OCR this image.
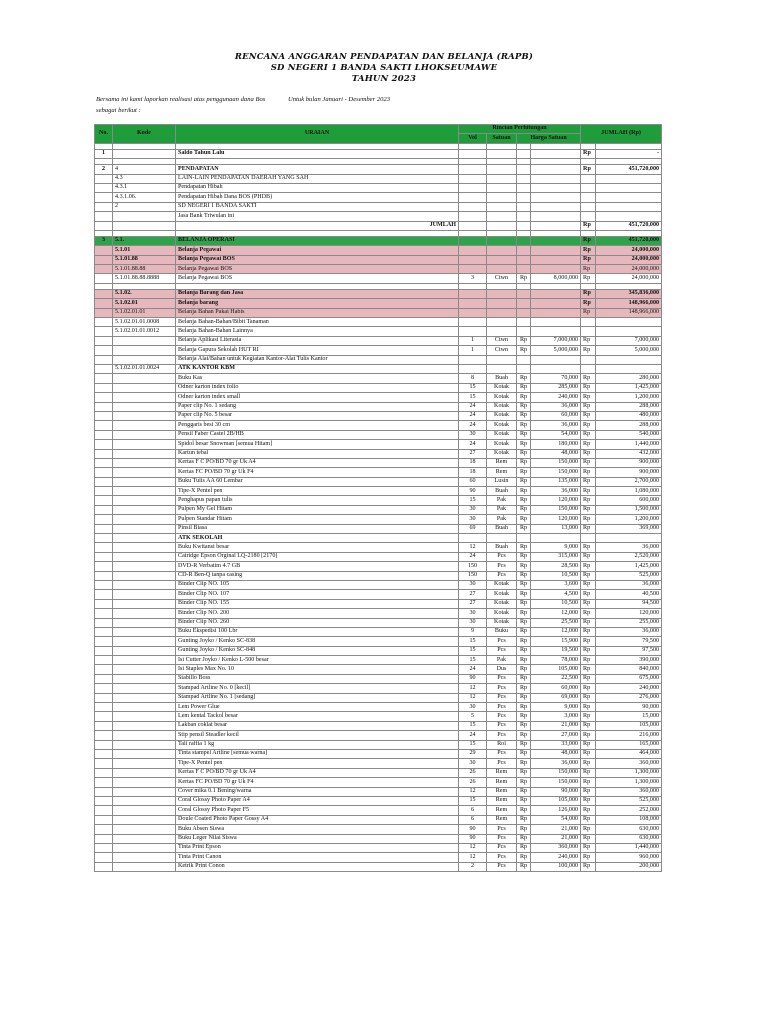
RENCANA ANGGARAN PENDAPATAN DAN BELANJA (RAPB)
SD NEGERI 1 BANDA SAKTI LHOKSEUMAWE
TAHUN 2023
Bersama ini kami laporkan realisasi atas penggunaan dana Bos	Untuk bulan Januari - Desember 2023
sebagai berikut :
No.	Kode	URAIAN	Rincian Perhitungan				JUMLAH (Rp)	
			Vol	Satuan	Harga Satuan			

1		Saldo Tahun Lalu					Rp	-

2	4	PENDAPATAN					Rp	451,720,000
	4.3	LAIN-LAIN PENDAPATAN DAERAH YANG SAH						
	4.3.1	Pendapatan Hibah						
	4.3.1.06.	Pendapatan Hibah Dana BOS (PHDB)						
	2	SD NEGERI 1 BANDA SAKTI						
		Jasa Bank Triwulan ini						
		JUMLAH					Rp	451,720,000

3	5.1.	BELANJA OPERASI					Rp	451,720,000
	5.1.01	Belanja Pegawai					Rp	24,000,000
	5.1.01.88	Belanja Pegawai BOS					Rp	24,000,000
	5.1.01.88.88	Belanja Pegawai BOS					Rp	24,000,000
	5.1.01.88.88.8888	Belanja Pegawai BOS	3	Ctwn	Rp	8,000,000	Rp	24,000,000

	5.1.02.	Belanja Barang dan Jasa					Rp	345,836,000
	5.1.02.01	Belanja barang					Rp	148,966,000
	5.1.02.01.01	Belanja Bahan Pakai Habis					Rp	148,966,000
	5.1.02.01.01.0008	Belanja Bahan-Bahan/Bibit Tanaman						
	5.1.02.01.01.0012	Belanja Bahan-Bahan Lainnya						
		Belanja Aplikasi Literasia	1	Ctwn	Rp	7,000,000	Rp	7,000,000
		Belanja Gapura Sekolah HUT RI	1	Ctwn	Rp	5,000,000	Rp	5,000,000
		Belanja Alat/Bahan untuk Kegiatan Kantor-Alat Tulis Kantor						
	5.1.02.01.01.0024	ATK KANTOR KBM						
		Buku Kas	8	Buah	Rp	70,000	Rp	280,000
		Odner karton index folio	15	Kotak	Rp	285,000	Rp	1,425,000
		Odner karton index small	15	Kotak	Rp	240,000	Rp	1,200,000
		Paper clip No. 1 sedang	24	Kotak	Rp	36,000	Rp	288,000
		Paper clip No. 5 besar	24	Kotak	Rp	60,000	Rp	480,000
		Penggaris besi 30 cm	24	Kotak	Rp	36,000	Rp	288,000
		Pensil Faber Castel 2B/HB	30	Kotak	Rp	54,000	Rp	540,000
		Spidol besar Snowman [semua Hitam]	24	Kotak	Rp	180,000	Rp	1,440,000
		Kartun tebal	27	Kotak	Rp	48,000	Rp	432,000
		Kertas F C PO/BD 70 gr Uk A4	18	Rem	Rp	150,000	Rp	900,000
		Kertas FC PO/BD 70 gr Uk F4	18	Rem	Rp	150,000	Rp	900,000
		Buku Tulis AA 60 Lembar	60	Lusin	Rp	135,000	Rp	2,700,000
		Tipe-X Pentel pen	90	Buah	Rp	36,000	Rp	1,080,000
		Penghapus papan tulis	15	Pak	Rp	120,000	Rp	600,000
		Pulpen My Gel Hitam	30	Pak	Rp	150,000	Rp	1,500,000
		Pulpen Standar Hitam	30	Pak	Rp	120,000	Rp	1,200,000
		Pinsil Biasa	69	Buah	Rp	13,000	Rp	369,000
		ATK SEKOLAH						
		Buku Kwitansi besar	12	Buah	Rp	9,000	Rp	36,000
		Catridge Epson Orginal LQ-2180 [2170]	24	Pcs	Rp	315,000	Rp	2,520,000
		DVD-R Verbatim 4.7 GB	150	Pcs	Rp	28,500	Rp	1,425,000
		CD-R Ben-Q tanpa casing	150	Pcs	Rp	10,500	Rp	525,000
		Binder Clip NO. 105	30	Kotak	Rp	3,600	Rp	36,000
		Binder Clip NO. 107	27	Kotak	Rp	4,500	Rp	40,500
		Binder Clip NO. 155	27	Kotak	Rp	10,500	Rp	94,500
		Binder Clip NO. 200	30	Kotak	Rp	12,000	Rp	120,000
		Binder Clip NO. 260	30	Kotak	Rp	25,500	Rp	255,000
		Buku Ekspedisi 100 Lbr	9	Buku	Rp	12,000	Rp	36,000
		Gunting Joyko / Kenko SC-838	15	Pcs	Rp	15,900	Rp	79,500
		Gunting Joyko / Kenko SC-848	15	Pcs	Rp	19,500	Rp	97,500
		Isi Cutter Joyko / Kenko L-500 besar	15	Pak	Rp	78,000	Rp	390,000
		Isi Staples Max No. 10	24	Dus	Rp	105,000	Rp	840,000
		Stabillo Boss	90	Pcs	Rp	22,500	Rp	675,000
		Stampad Artline No. 0 [kecil]	12	Pcs	Rp	60,000	Rp	240,000
		Stampad Artline No. 1 [sedang]	12	Pcs	Rp	69,000	Rp	276,000
		Lem Power Glue	30	Pcs	Rp	9,000	Rp	90,000
		Lem kental Tackol besar	5	Pcs	Rp	3,000	Rp	15,000
		Lakban coklat besar	15	Pcs	Rp	21,000	Rp	105,000
		Stip pensil Steadler kecil	24	Pcs	Rp	27,000	Rp	216,000
		Tali raffia 1 kg	15	Rol	Rp	33,000	Rp	165,000
		Tinta stampel Artline [semua warna]	29	Pcs	Rp	48,000	Rp	464,000
		Tipe-X Pentel pen	30	Pcs	Rp	36,000	Rp	360,000
		Kertas F C PO/BD 70 gr Uk A4	26	Rem	Rp	150,000	Rp	1,300,000
		Kertas FC PO/BD 70 gr Uk F4	26	Rem	Rp	150,000	Rp	1,300,000
		Cover mika 0.1 Bening/warna	12	Rem	Rp	90,000	Rp	360,000
		Coral Glossy Photo Paper A4	15	Rem	Rp	105,000	Rp	525,000
		Coral Glossy Photo Paper F5	6	Rem	Rp	126,000	Rp	252,000
		Doule Coated Photo Paper Gossy A4	6	Rem	Rp	54,000	Rp	108,000
		Buku Absen Siswa	90	Pcs	Rp	21,000	Rp	630,000
		Buku Leger Nilai Siswa	90	Pcs	Rp	21,000	Rp	630,000
		Tinta Print Epson	12	Pcs	Rp	360,000	Rp	1,440,000
		Tinta Print Canon	12	Pcs	Rp	240,000	Rp	960,000
		Ketrik Print Conon	2	Pcs	Rp	100,000	Rp	200,000
